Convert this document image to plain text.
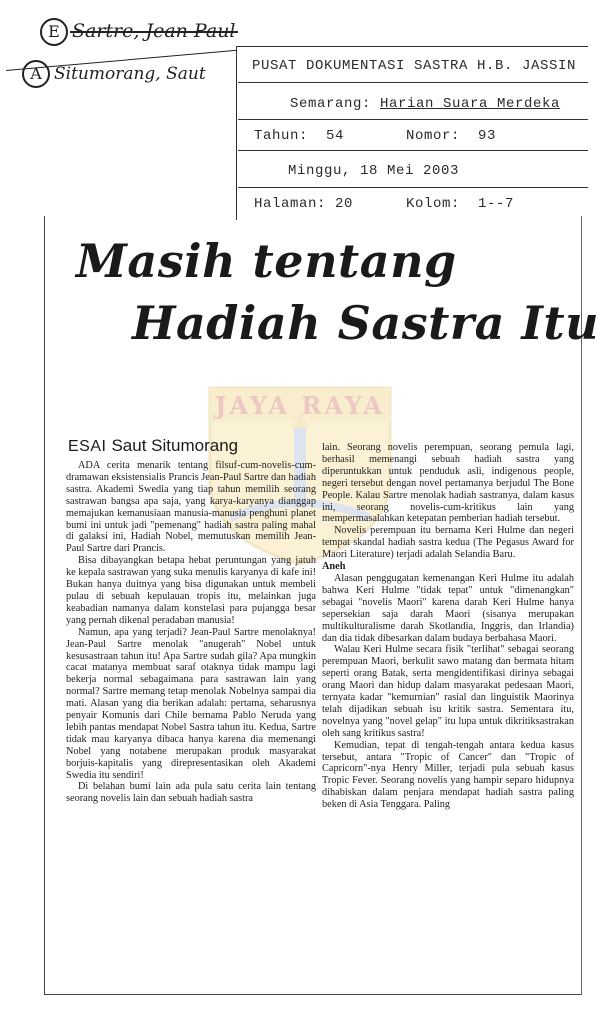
E Sartre, Jean Paul
A Situmorang, Saut	PUSAT DOKUMENTASI SASTRA H.B. JASSIN
Semarang: Harian Suara Merdeka
Tahun: 54	Nomor: 93
Minggu, 18 Mei 2003
Halaman: 20	Kolom: 1--7
Masih tentang
Hadiah Sastra Itu
JAYA RAYA
ESAI Saut Situmorang

ADA cerita menarik tentang filsuf-cum-novelis-cum-dramawan eksistensialis Prancis Jean-Paul Sartre dan hadiah sastra. Akademi Swedia yang tiap tahun memilih seorang sastrawan bangsa apa saja, yang karya-karyanya dianggap memajukan kemanusiaan manusia-manusia penghuni planet bumi ini untuk jadi "pemenang" hadiah sastra paling mahal di galaksi ini, Hadiah Nobel, memutuskan memilih Jean-Paul Sartre dari Prancis.

Bisa dibayangkan betapa hebat peruntungan yang jatuh ke kepala sastrawan yang suka menulis karyanya di kafe ini! Bukan hanya duitnya yang bisa digunakan untuk membeli pulau di sebuah kepulauan tropis itu, melainkan juga keabadian namanya dalam konstelasi para pujangga besar yang pernah dikenal peradaban manusia!

Namun, apa yang terjadi? Jean-Paul Sartre menolaknya! Jean-Paul Sartre menolak "anugerah" Nobel untuk kesusastraan tahun itu! Apa Sartre sudah gila? Apa mungkin cacat matanya membuat saraf otaknya tidak mampu lagi bekerja normal sebagaimana para sastrawan lain yang normal? Sartre memang tetap menolak Nobelnya sampai dia mati. Alasan yang dia berikan adalah: pertama, seharusnya penyair Komunis dari Chile bernama Pablo Neruda yang lebih pantas mendapat Nobel Sastra tahun itu. Kedua, Sartre tidak mau karyanya dibaca hanya karena dia memenangi Nobel yang notabene merupakan produk masyarakat borjuis-kapitalis yang direpresentasikan oleh Akademi Swedia itu sendiri!

Di belahan bumi lain ada pula satu cerita lain tentang seorang novelis lain dan sebuah hadiah sastra

lain. Seorang novelis perempuan, seorang pemula lagi, berhasil memenangi sebuah hadiah sastra yang diperuntukkan untuk penduduk asli, indigenous people, negeri tersebut dengan novel pertamanya berjudul The Bone People. Kalau Sartre menolak hadiah sastranya, dalam kasus ini, seorang novelis-cum-kritikus lain yang mempermasalahkan ketepatan pemberian hadiah tersebut.

Novelis perempuan itu bernama Keri Hulme dan negeri tempat skandal hadiah sastra kedua (The Pegasus Award for Maori Literature) terjadi adalah Selandia Baru.

Aneh

Alasan penggugatan kemenangan Keri Hulme itu adalah bahwa Keri Hulme "tidak tepat" untuk "dimenangkan" sebagai "novelis Maori" karena darah Keri Hulme hanya sepersekian saja darah Maori (sisanya merupakan multikulturalisme darah Skotlandia, Inggris, dan Irlandia) dan dia tidak dibesarkan dalam budaya berbahasa Maori.

Walau Keri Hulme secara fisik "terlihat" sebagai seorang perempuan Maori, berkulit sawo matang dan bermata hitam seperti orang Batak, serta mengidentifikasi dirinya sebagai orang Maori dan hidup dalam masyarakat pedesaan Maori, ternyata kadar "kemurnian" rasial dan linguistik Maorinya telah dijadikan sebuah isu kritik sastra. Sementara itu, novelnya yang "novel gelap" itu lupa untuk dikritiksastrakan oleh sang kritikus sastra!

Kemudian, tepat di tengah-tengah antara kedua kasus tersebut, antara "Tropic of Cancer" dan "Tropic of Capricorn"-nya Henry Miller, terjadi pula sebuah kasus Tropic Fever. Seorang novelis yang hampir separo hidupnya dihabiskan dalam penjara mendapat hadiah sastra paling beken di Asia Tenggara. Paling
